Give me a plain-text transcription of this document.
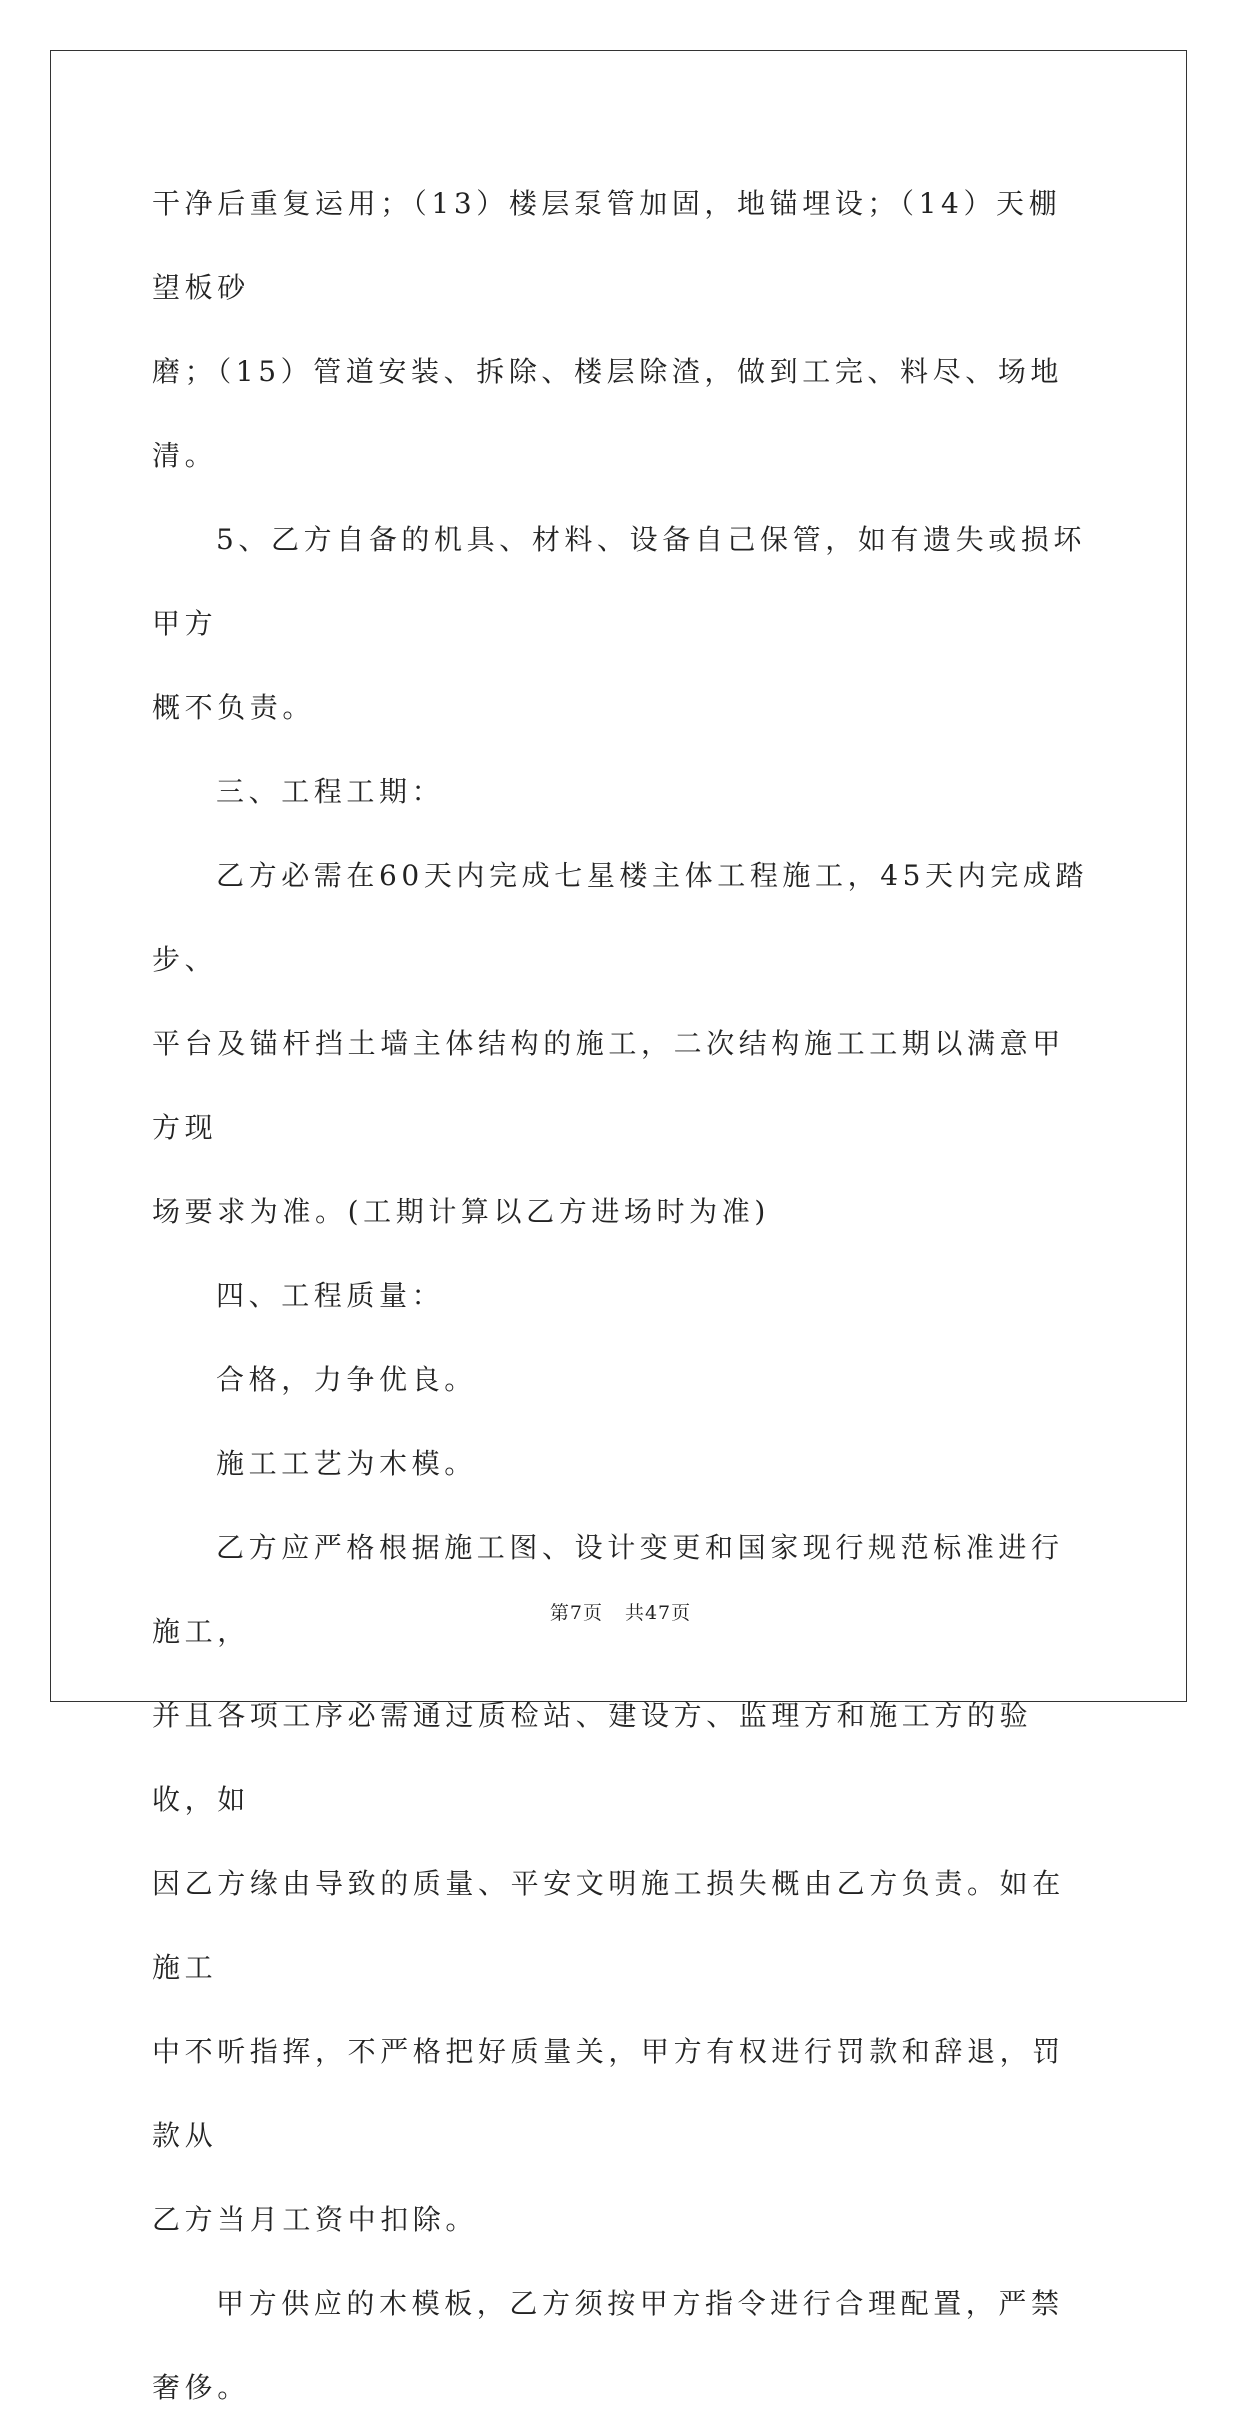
干净后重复运用；（13）楼层泵管加固，地锚埋设；（14）天棚望板砂
磨；（15）管道安装、拆除、楼层除渣，做到工完、料尽、场地清。

5、乙方自备的机具、材料、设备自己保管，如有遗失或损坏甲方
概不负责。

三、工程工期：

乙方必需在60天内完成七星楼主体工程施工，45天内完成踏步、
平台及锚杆挡土墙主体结构的施工，二次结构施工工期以满意甲方现
场要求为准。(工期计算以乙方进场时为准)

四、工程质量：

合格，力争优良。

施工工艺为木模。

乙方应严格根据施工图、设计变更和国家现行规范标准进行施工，
并且各项工序必需通过质检站、建设方、监理方和施工方的验收，如
因乙方缘由导致的质量、平安文明施工损失概由乙方负责。如在施工
中不听指挥，不严格把好质量关，甲方有权进行罚款和辞退，罚款从
乙方当月工资中扣除。

甲方供应的木模板，乙方须按甲方指令进行合理配置，严禁奢侈。

第7页 共47页
